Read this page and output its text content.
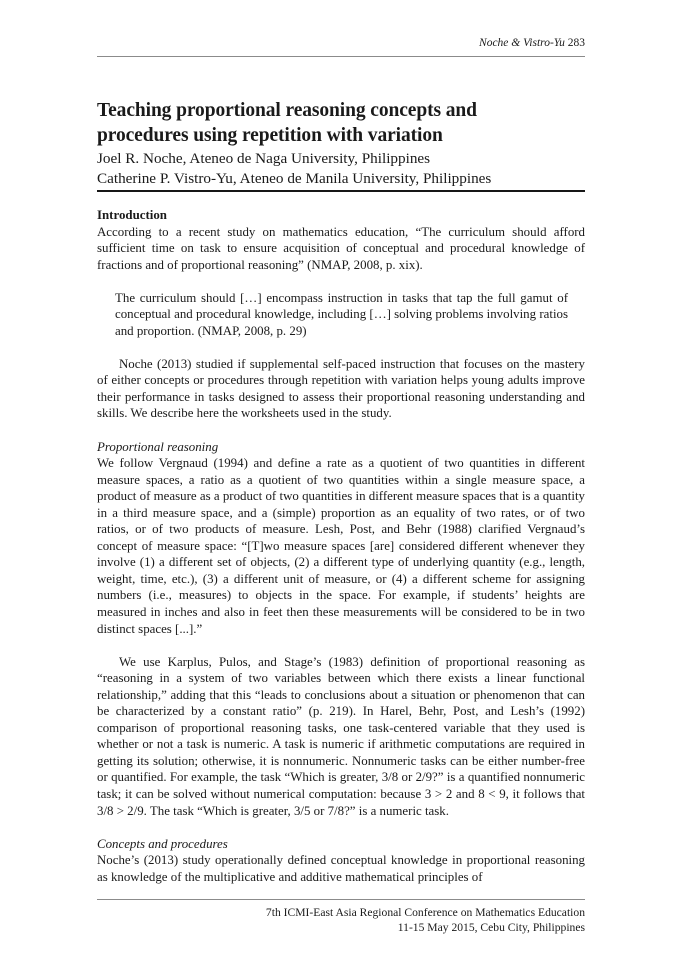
Noche & Vistro-Yu 283
Teaching proportional reasoning concepts and
procedures using repetition with variation
Joel R. Noche, Ateneo de Naga University, Philippines
Catherine P. Vistro-Yu, Ateneo de Manila University, Philippines
Introduction

According to a recent study on mathematics education, “The curriculum should afford sufficient time on task to ensure acquisition of conceptual and procedural knowledge of fractions and of proportional reasoning” (NMAP, 2008, p. xix).

The curriculum should […] encompass instruction in tasks that tap the full gamut of conceptual and procedural knowledge, including […] solving problems involving ratios and proportion. (NMAP, 2008, p. 29)

Noche (2013) studied if supplemental self-paced instruction that focuses on the mastery of either concepts or procedures through repetition with variation helps young adults improve their performance in tasks designed to assess their proportional reasoning understanding and skills. We describe here the worksheets used in the study.

Proportional reasoning

We follow Vergnaud (1994) and define a rate as a quotient of two quantities in different measure spaces, a ratio as a quotient of two quantities within a single measure space, a product of measure as a product of two quantities in different measure spaces that is a quantity in a third measure space, and a (simple) proportion as an equality of two rates, or of two ratios, or of two products of measure. Lesh, Post, and Behr (1988) clarified Vergnaud’s concept of measure space: “[T]wo measure spaces [are] considered different whenever they involve (1) a different set of objects, (2) a different type of underlying quantity (e.g., length, weight, time, etc.), (3) a different unit of measure, or (4) a different scheme for assigning numbers (i.e., measures) to objects in the space. For example, if students’ heights are measured in inches and also in feet then these measurements will be considered to be in two distinct spaces [...].”

We use Karplus, Pulos, and Stage’s (1983) definition of proportional reasoning as “reasoning in a system of two variables between which there exists a linear functional relationship,” adding that this “leads to conclusions about a situation or phenomenon that can be characterized by a constant ratio” (p. 219). In Harel, Behr, Post, and Lesh’s (1992) comparison of proportional reasoning tasks, one task-centered variable that they used is whether or not a task is numeric. A task is numeric if arithmetic computations are required in getting its solution; otherwise, it is nonnumeric. Nonnumeric tasks can be either number-free or quantified. For example, the task “Which is greater, 3/8 or 2/9?” is a quantified nonnumeric task; it can be solved without numerical computation: because 3 > 2 and 8 < 9, it follows that 3/8 > 2/9. The task “Which is greater, 3/5 or 7/8?” is a numeric task.

Concepts and procedures

Noche’s (2013) study operationally defined conceptual knowledge in proportional reasoning as knowledge of the multiplicative and additive mathematical principles of

7th ICMI-East Asia Regional Conference on Mathematics Education
11-15 May 2015, Cebu City, Philippines
